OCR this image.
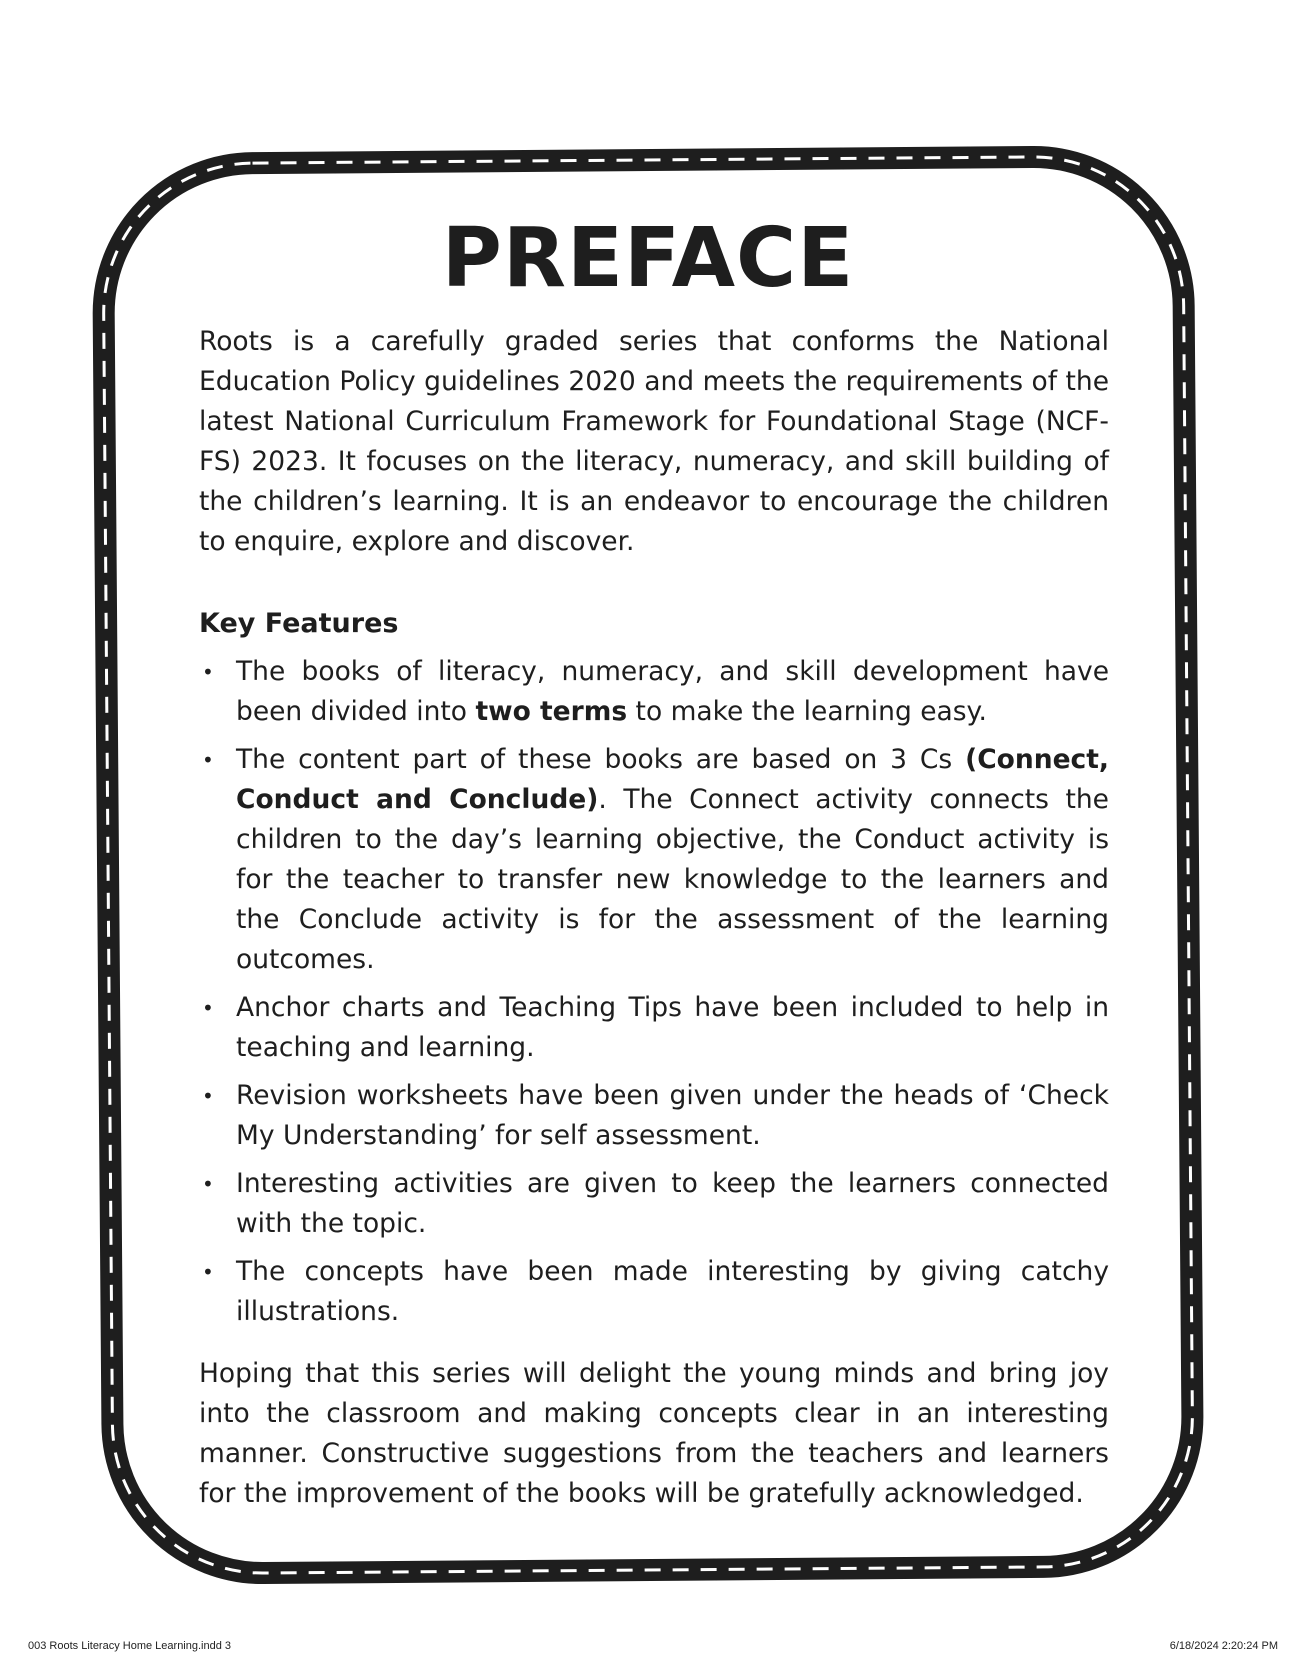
PREFACE

Roots is a carefully graded series that conforms the National Education Policy guidelines 2020 and meets the requirements of the latest National Curriculum Framework for Foundational Stage (NCF-FS) 2023. It focuses on the literacy, numeracy, and skill building of the children’s learning. It is an endeavor to encourage the children to enquire, explore and discover.

Key Features
• The books of literacy, numeracy, and skill development have been divided into two terms to make the learning easy.
• The content part of these books are based on 3 Cs (Connect, Conduct and Conclude). The Connect activity connects the children to the day’s learning objective, the Conduct activity is for the teacher to transfer new knowledge to the learners and the Conclude activity is for the assessment of the learning outcomes.
• Anchor charts and Teaching Tips have been included to help in teaching and learning.
• Revision worksheets have been given under the heads of ‘Check My Understanding’ for self assessment.
• Interesting activities are given to keep the learners connected with the topic.
• The concepts have been made interesting by giving catchy illustrations.

Hoping that this series will delight the young minds and bring joy into the classroom and making concepts clear in an interesting manner. Constructive suggestions from the teachers and learners for the improvement of the books will be gratefully acknowledged.

003 Roots Literacy Home Learning.indd 3	6/18/2024 2:20:24 PM
